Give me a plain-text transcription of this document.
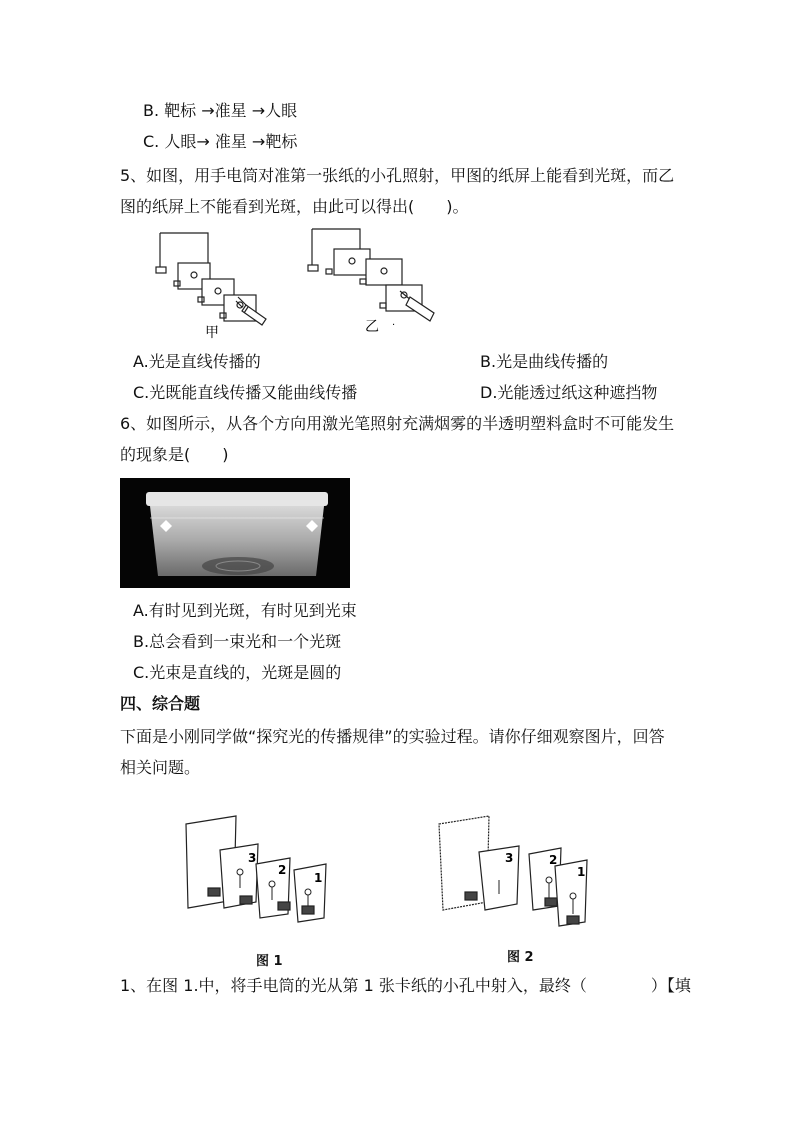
B. 靶标 →准星 →人眼
C. 人眼→ 准星 →靶标
5、如图，用手电筒对准第一张纸的小孔照射，甲图的纸屏上能看到光斑，而乙
图的纸屏上不能看到光斑，由此可以得出(　　)。
甲	乙 .
A.光是直线传播的	B.光是曲线传播的
C.光既能直线传播又能曲线传播	D.光能透过纸这种遮挡物
6、如图所示，从各个方向用激光笔照射充满烟雾的半透明塑料盒时不可能发生
的现象是(　　)
A.有时见到光斑，有时见到光束
B.总会看到一束光和一个光斑
C.光束是直线的，光斑是圆的
四、综合题
下面是小刚同学做“探究光的传播规律”的实验过程。请你仔细观察图片，回答
相关问题。
3
2
1
图 1
3	2
1
图 2
1、在图 1.中，将手电筒的光从第 1 张卡纸的小孔中射入，最终（　　　　）【填
